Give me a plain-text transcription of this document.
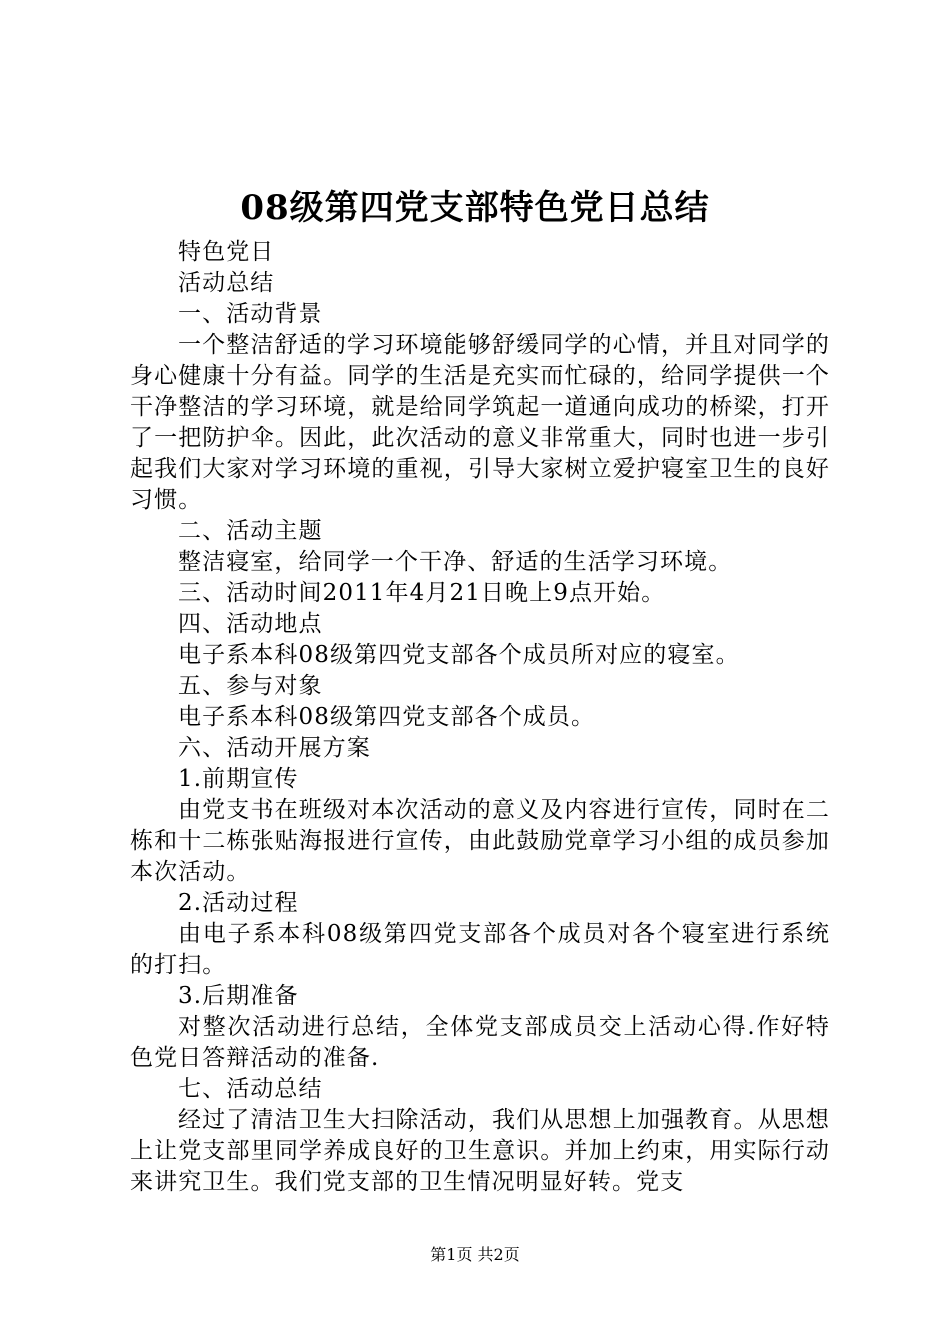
08级第四党支部特色党日总结

特色党日

活动总结

一、活动背景

一个整洁舒适的学习环境能够舒缓同学的心情，并且对同学的身心健康十分有益。同学的生活是充实而忙碌的，给同学提供一个干净整洁的学习环境，就是给同学筑起一道通向成功的桥梁，打开了一把防护伞。因此，此次活动的意义非常重大，同时也进一步引起我们大家对学习环境的重视，引导大家树立爱护寝室卫生的良好习惯。

二、活动主题

整洁寝室，给同学一个干净、舒适的生活学习环境。

三、活动时间2011年4月21日晚上9点开始。

四、活动地点

电子系本科08级第四党支部各个成员所对应的寝室。

五、参与对象

电子系本科08级第四党支部各个成员。

六、活动开展方案

1.前期宣传

由党支书在班级对本次活动的意义及内容进行宣传，同时在二栋和十二栋张贴海报进行宣传，由此鼓励党章学习小组的成员参加本次活动。

2.活动过程

由电子系本科08级第四党支部各个成员对各个寝室进行系统的打扫。

3.后期准备

对整次活动进行总结，全体党支部成员交上活动心得.作好特色党日答辩活动的准备.

七、活动总结

经过了清洁卫生大扫除活动，我们从思想上加强教育。从思想上让党支部里同学养成良好的卫生意识。并加上约束，用实际行动来讲究卫生。我们党支部的卫生情况明显好转。党支

第1页 共2页
